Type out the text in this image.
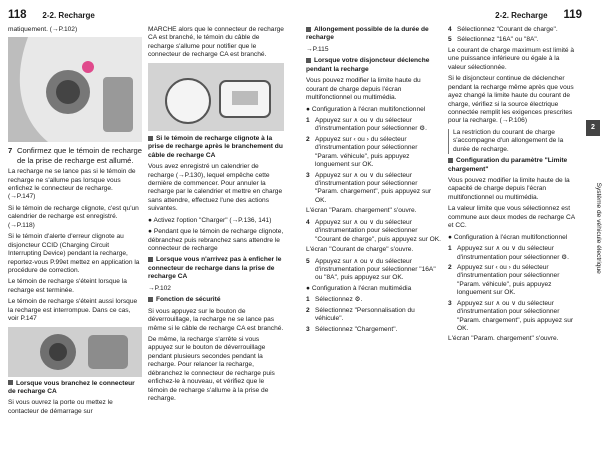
118 2-2. Recharge	2-2. Recharge 119

matiquement. (→P.102)

7 Confirmez que le témoin de recharge de la prise de recharge est allumé.

La recharge ne se lance pas si le témoin de recharge ne s'allume pas lorsque vous enfichez le connecteur de recharge. (→P.147)

Si le témoin de recharge clignote, c'est qu'un calendrier de recharge est enregistré. (→P.118)

Si le témoin d'alerte d'erreur clignote au disjoncteur CCID (Charging Circuit Interrupting Device) pendant la recharge, reportez-vous P.99et mettez en application la procédure de correction.

Le témoin de recharge s'éteint lorsque la recharge est terminée.

Le témoin de recharge s'éteint aussi lorsque la recharge est interrompue. Dans ce cas, voir P.147

Lorsque vous branchez le connecteur de recharge CA

Si vous ouvrez la porte ou mettez le contacteur de démarrage sur

MARCHE alors que le connecteur de recharge CA est branché, le témoin du câble de recharge s'allume pour notifier que le connecteur de recharge CA est branché.

Si le témoin de recharge clignote à la prise de recharge après le branchement du câble de recharge CA

Vous avez enregistré un calendrier de recharge (→P.130), lequel empêche cette dernière de commencer. Pour annuler la recharge par le calendrier et mettre en charge sans attendre, effectuez l'une des actions suivantes.

● Activez l'option "Charger" (→P.136, 141)

● Pendant que le témoin de recharge clignote, débranchez puis rebranchez sans attendre le connecteur de recharge

Lorsque vous n'arrivez pas à enficher le connecteur de recharge dans la prise de recharge CA

→P.102

Fonction de sécurité

Si vous appuyez sur le bouton de déverrouillage, la recharge ne se lance pas même si le câble de recharge CA est branché.

De même, la recharge s'arrête si vous appuyez sur le bouton de déverrouillage pendant plusieurs secondes pendant la recharge. Pour relancer la recharge, débranchez le connecteur de recharge puis enfichez-le à nouveau, et vérifiez que le témoin de recharge s'allume à la prise de recharge.

Allongement possible de la durée de recharge

→P.115

Lorsque votre disjoncteur déclenche pendant la recharge

Vous pouvez modifier la limite haute du courant de charge depuis l'écran multifonctionnel ou multimédia.

● Configuration à l'écran multifonctionnel

1 Appuyez sur ∧ ou ∨ du sélecteur d'instrumentation pour sélectionner ⚙.
2 Appuyez sur ‹ ou › du sélecteur d'instrumentation pour sélectionner "Param. véhicule", puis appuyez longuement sur OK.
3 Appuyez sur ∧ ou ∨ du sélecteur d'instrumentation pour sélectionner "Param. chargement", puis appuyez sur OK.

L'écran "Param. chargement" s'ouvre.

4 Appuyez sur ∧ ou ∨ du sélecteur d'instrumentation pour sélectionner "Courant de charge", puis appuyez sur OK.

L'écran "Courant de charge" s'ouvre.

5 Appuyez sur ∧ ou ∨ du sélecteur d'instrumentation pour sélectionner "16A" ou "8A", puis appuyez sur OK.

● Configuration à l'écran multimédia

1 Sélectionnez ⚙.
2 Sélectionnez "Personnalisation du véhicule".
3 Sélectionnez "Chargement".
4 Sélectionnez "Courant de charge".
5 Sélectionnez "16A" ou "8A".

Le courant de charge maximum est limité à une puissance inférieure ou égale à la valeur sélectionnée.

Si le disjoncteur continue de déclencher pendant la recharge même après que vous ayez changé la limite haute du courant de charge, vérifiez si la source électrique connectée remplit les exigences prescrites pour la recharge. (→P.106)

La restriction du courant de charge s'accompagne d'un allongement de la durée de recharge.

Configuration du paramètre "Limite chargement"

Vous pouvez modifier la limite haute de la capacité de charge depuis l'écran multifonctionnel ou multimédia.

La valeur limite que vous sélectionnez est commune aux deux modes de recharge CA et CC.

● Configuration à l'écran multifonctionnel

1 Appuyez sur ∧ ou ∨ du sélecteur d'instrumentation pour sélectionner ⚙.
2 Appuyez sur ‹ ou › du sélecteur d'instrumentation pour sélectionner "Param. véhicule", puis appuyez longuement sur OK.
3 Appuyez sur ∧ ou ∨ du sélecteur d'instrumentation pour sélectionner "Param. chargement", puis appuyez sur OK.

L'écran "Param. chargement" s'ouvre.

2
Système de véhicule électrique
